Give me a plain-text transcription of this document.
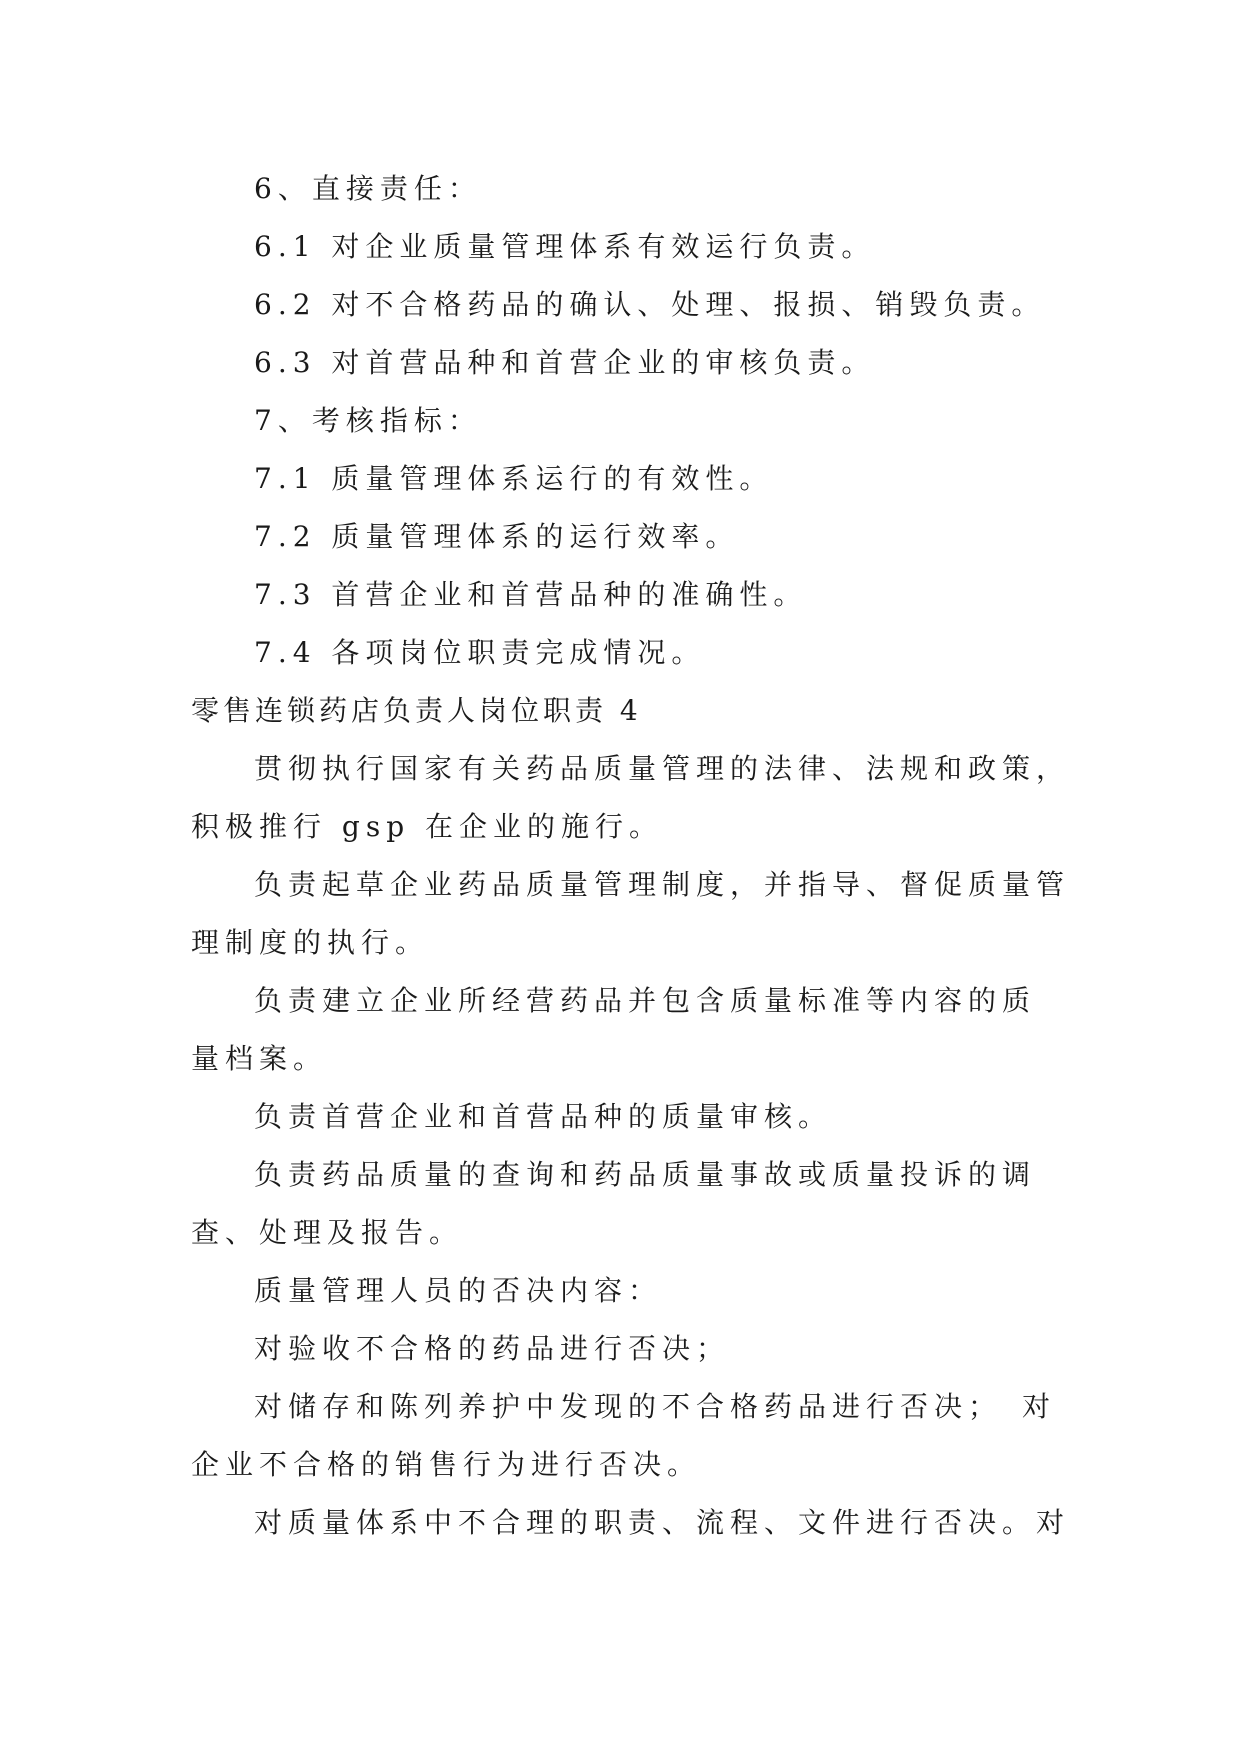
6、直接责任：
6.1 对企业质量管理体系有效运行负责。
6.2 对不合格药品的确认、处理、报损、销毁负责。
6.3 对首营品种和首营企业的审核负责。
7、考核指标：
7.1 质量管理体系运行的有效性。
7.2 质量管理体系的运行效率。
7.3 首营企业和首营品种的准确性。
7.4 各项岗位职责完成情况。
零售连锁药店负责人岗位职责 4
贯彻执行国家有关药品质量管理的法律、法规和政策，
积极推行 gsp 在企业的施行。
负责起草企业药品质量管理制度，并指导、督促质量管
理制度的执行。
负责建立企业所经营药品并包含质量标准等内容的质
量档案。
负责首营企业和首营品种的质量审核。
负责药品质量的查询和药品质量事故或质量投诉的调
查、处理及报告。
质量管理人员的否决内容：
对验收不合格的药品进行否决；
对储存和陈列养护中发现的不合格药品进行否决；　对
企业不合格的销售行为进行否决。
对质量体系中不合理的职责、流程、文件进行否决。对
